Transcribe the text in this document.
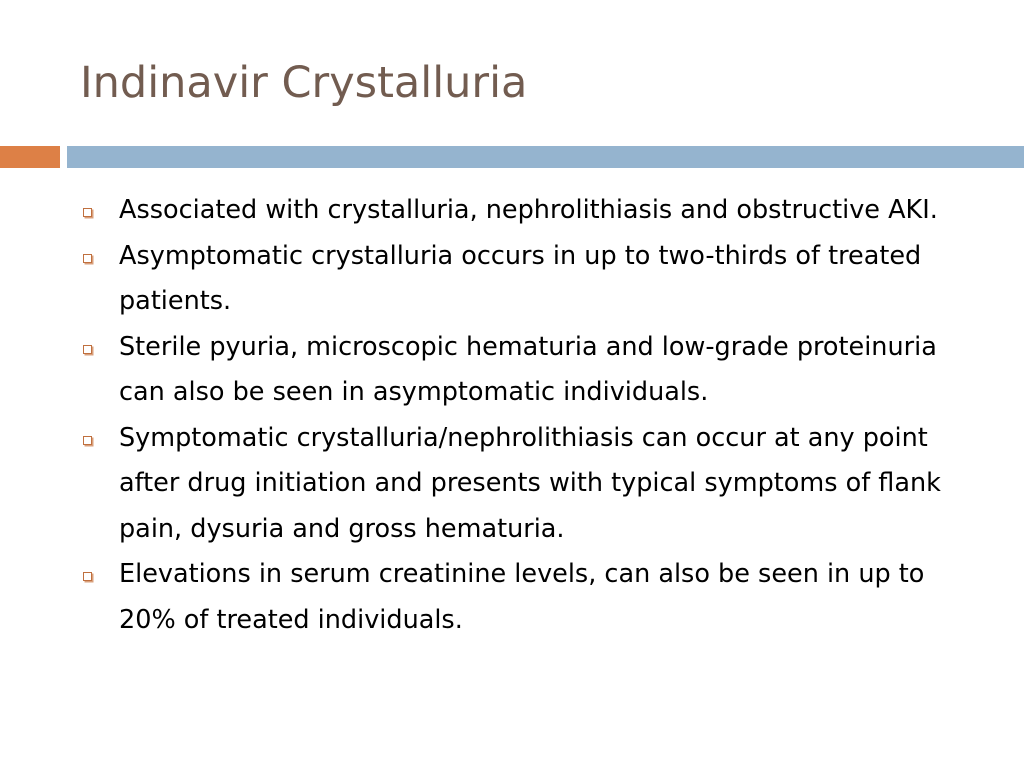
Indinavir Crystalluria
Associated with crystalluria, nephrolithiasis and obstructive AKI.
Asymptomatic crystalluria occurs in up to two-thirds of treated patients.
Sterile pyuria, microscopic hematuria and low-grade proteinuria can also be seen in asymptomatic individuals.
Symptomatic crystalluria/nephrolithiasis can occur at any point after drug initiation and presents with typical symptoms of flank pain, dysuria and gross hematuria.
Elevations in serum creatinine levels, can also be seen in up to 20% of treated individuals.
